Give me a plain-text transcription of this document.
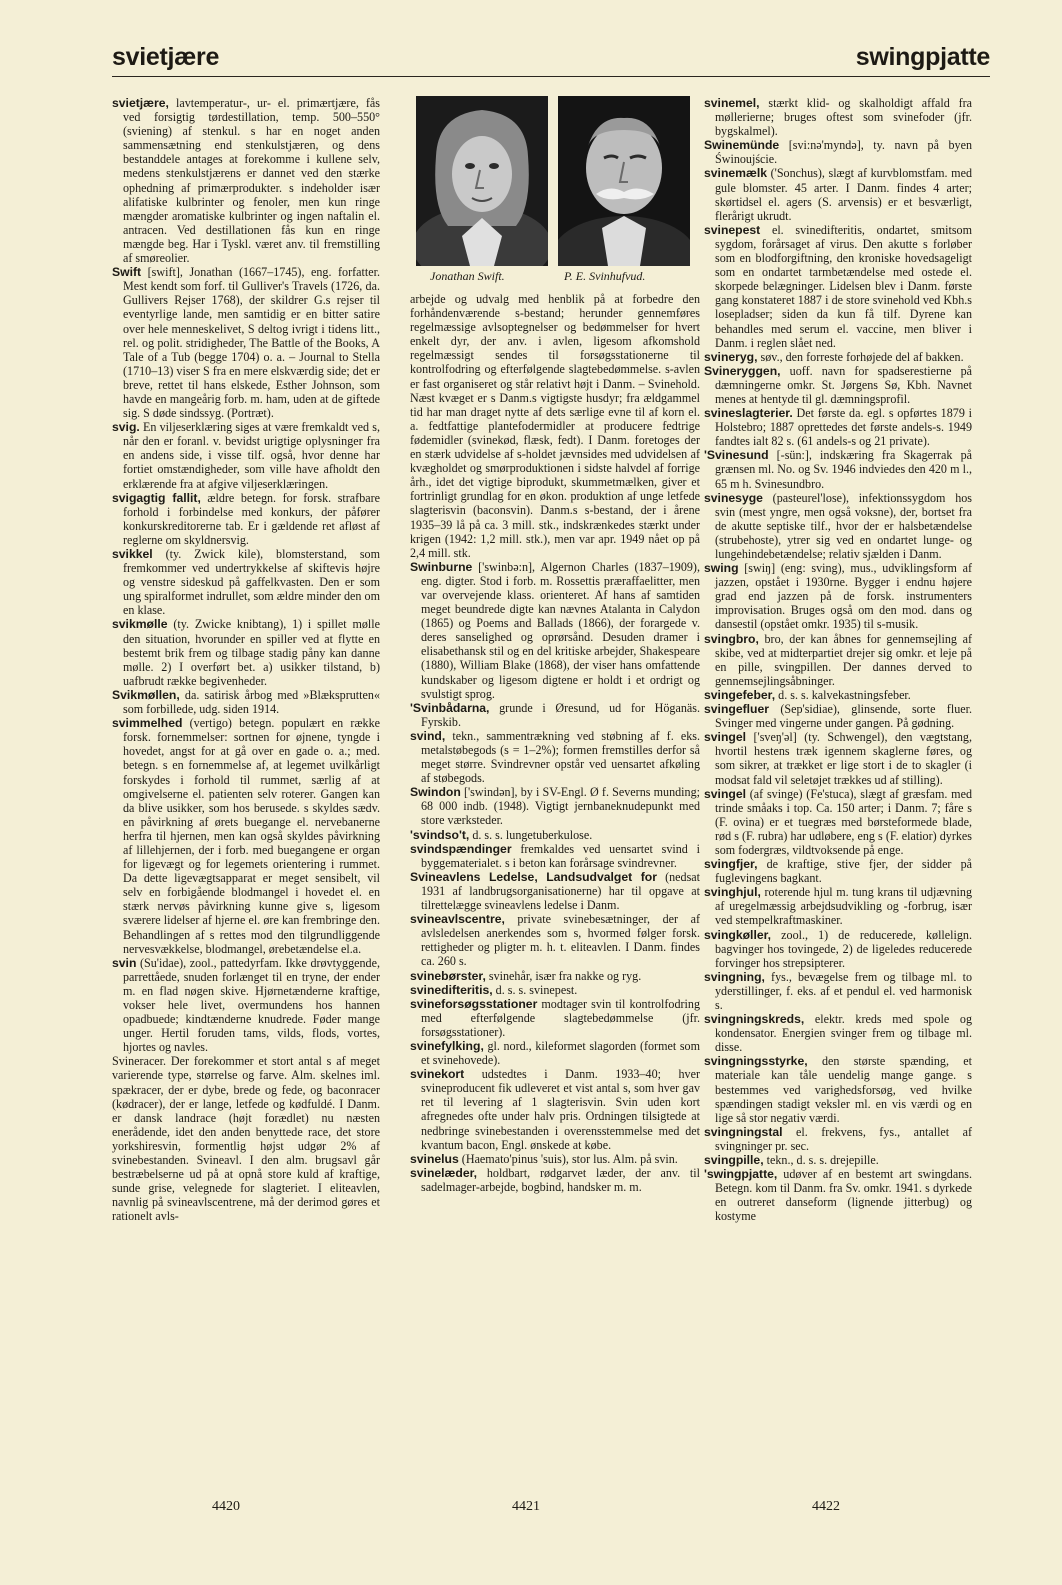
svietjære	swingpjatte

svietjære, lavtemperatur-, ur- el. primærtjære, fås ved forsigtig tørdestillation, temp. 500–550° (sviening) af stenkul. s har en noget anden sammensætning end stenkulstjæren, og dens bestanddele antages at forekomme i kullene selv, medens stenkulstjærens er dannet ved den stærke ophedning af primærprodukter. s indeholder især alifatiske kulbrinter og fenoler, men kun ringe mængder aromatiske kulbrinter og ingen naftalin el. antracen. Ved destillationen fås kun en ringe mængde beg. Har i Tyskl. været anv. til fremstilling af smøreolier.

Swift [swift], Jonathan (1667–1745), eng. forfatter. Mest kendt som forf. til Gulliver's Travels (1726, da. Gullivers Rejser 1768), der skildrer G.s rejser til eventyrlige lande, men samtidig er en bitter satire over hele menneskelivet, S deltog ivrigt i tidens litt., rel. og polit. stridigheder, The Battle of the Books, A Tale of a Tub (begge 1704) o. a. – Journal to Stella (1710–13) viser S fra en mere elskværdig side; det er breve, rettet til hans elskede, Esther Johnson, som havde en mangeårig forb. m. ham, uden at de giftede sig. S døde sindssyg. (Portræt).

svig. En viljeserklæring siges at være fremkaldt ved s, når den er foranl. v. bevidst urigtige oplysninger fra en andens side, i visse tilf. også, hvor denne har fortiet omstændigheder, som ville have afholdt den erklærende fra at afgive viljeserklæringen.

svigagtig fallit, ældre betegn. for forsk. strafbare forhold i forbindelse med konkurs, der påfører konkurskreditorerne tab. Er i gældende ret afløst af reglerne om skyldnersvig.

svikkel (ty. Zwick kile), blomsterstand, som fremkommer ved undertrykkelse af skiftevis højre og venstre sideskud på gaffelkvasten. Den er som ung spiralformet indrullet, som ældre minder den om en klase.

svikmølle (ty. Zwicke knibtang), 1) i spillet mølle den situation, hvorunder en spiller ved at flytte en bestemt brik frem og tilbage stadig påny kan danne mølle. 2) I overført bet. a) usikker tilstand, b) uafbrudt række begivenheder.

Svikmøllen, da. satirisk årbog med »Blæksprutten« som forbillede, udg. siden 1914.

svimmelhed (vertigo) betegn. populært en række forsk. fornemmelser: sortnen for øjnene, tyngde i hovedet, angst for at gå over en gade o. a.; med. betegn. s en fornemmelse af, at legemet uvilkårligt forskydes i forhold til rummet, særlig af at omgivelserne el. patienten selv roterer. Gangen kan da blive usikker, som hos berusede. s skyldes sædv. en påvirkning af ørets buegange el. nervebanerne herfra til hjernen, men kan også skyldes påvirkning af lillehjernen, der i forb. med buegangene er organ for ligevægt og for legemets orientering i rummet. Da dette ligevægtsapparat er meget sensibelt, vil selv en forbigående blodmangel i hovedet el. en stærk nervøs påvirkning kunne give s, ligesom sværere lidelser af hjerne el. øre kan frembringe den. Behandlingen af s rettes mod den tilgrundliggende nervesvækkelse, blodmangel, ørebetændelse el.a.

svin (Su'idae), zool., pattedyrfam. Ikke drøvtyggende, parrettåede, snuden forlænget til en tryne, der ender m. en flad nøgen skive. Hjørnetænderne kraftige, vokser hele livet, overmundens hos hannen opadbuede; kindtænderne knudrede. Føder mange unger. Hertil foruden tams, vilds, flods, vortes, hjortes og navles.

Svineracer. Der forekommer et stort antal s af meget varierende type, størrelse og farve. Alm. skelnes iml. spækracer, der er dybe, brede og fede, og baconracer (kødracer), der er lange, letfede og kødfuldé. I Danm. er dansk landrace (højt forædlet) nu næsten enerådende, idet den anden benyttede race, det store yorkshiresvin, formentlig højst udgør 2% af svinebestanden. Svineavl. I den alm. brugsavl går bestræbelserne ud på at opnå store kuld af kraftige, sunde grise, velegnede for slagteriet. I eliteavlen, navnlig på svineavlscentrene, må der derimod gøres et rationelt avls-

Jonathan Swift.	P. E. Svinhufvud.

arbejde og udvalg med henblik på at forbedre den forhåndenværende s-bestand; herunder gennemføres regelmæssige avlsoptegnelser og bedømmelser for hvert enkelt dyr, der anv. i avlen, ligesom afkomshold regelmæssigt sendes til forsøgsstationerne til kontrolfodring og efterfølgende slagtebedømmelse. s-avlen er fast organiseret og står relativt højt i Danm. – Svinehold. Næst kvæget er s Danm.s vigtigste husdyr; fra ældgammel tid har man draget nytte af dets særlige evne til af korn el. a. fedtfattige plantefodermidler at producere fedtrige fødemidler (svinekød, flæsk, fedt). I Danm. foretoges der en stærk udvidelse af s-holdet jævnsides med udvidelsen af kvægholdet og smørproduktionen i sidste halvdel af forrige årh., idet det vigtige biprodukt, skummetmælken, giver et fortrinligt grundlag for en økon. produktion af unge letfede slagterisvin (baconsvin). Danm.s s-bestand, der i årene 1935–39 lå på ca. 3 mill. stk., indskrænkedes stærkt under krigen (1942: 1,2 mill. stk.), men var apr. 1949 nået op på 2,4 mill. stk.

Swinburne ['swinbə:n], Algernon Charles (1837–1909), eng. digter. Stod i forb. m. Rossettis præraffaelitter, men var overvejende klass. orienteret. Af hans af samtiden meget beundrede digte kan nævnes Atalanta in Calydon (1865) og Poems and Ballads (1866), der forargede v. deres sanselighed og oprørsånd. Desuden dramer i elisabethansk stil og en del kritiske arbejder, Shakespeare (1880), William Blake (1868), der viser hans omfattende kundskaber og ligesom digtene er holdt i et ordrigt og svulstigt sprog.

'Svinbådarna, grunde i Øresund, ud for Höganäs. Fyrskib.

svind, tekn., sammentrækning ved støbning af f. eks. metalstøbegods (s = 1–2%); formen fremstilles derfor så meget større. Svindrevner opstår ved uensartet afkøling af støbegods.

Swindon ['swindən], by i SV-Engl. Ø f. Severns munding; 68 000 indb. (1948). Vigtigt jernbaneknudepunkt med store værksteder.

'svindso't, d. s. s. lungetuberkulose.

svindspændinger fremkaldes ved uensartet svind i byggematerialet. s i beton kan forårsage svindrevner.

Svineavlens Ledelse, Landsudvalget for (nedsat 1931 af landbrugsorganisationerne) har til opgave at tilrettelægge svineavlens ledelse i Danm.

svineavlscentre, private svinebesætninger, der af avlsledelsen anerkendes som s, hvormed følger forsk. rettigheder og pligter m. h. t. eliteavlen. I Danm. findes ca. 260 s.

svinebørster, svinehår, især fra nakke og ryg.

svinedifteritis, d. s. s. svinepest.

svineforsøgsstationer modtager svin til kontrolfodring med efterfølgende slagtebedømmelse (jfr. forsøgsstationer).

svinefylking, gl. nord., kileformet slagorden (formet som et svinehovede).

svinekort udstedtes i Danm. 1933–40; hver svineproducent fik udleveret et vist antal s, som hver gav ret til levering af 1 slagterisvin. Svin uden kort afregnedes ofte under halv pris. Ordningen tilsigtede at nedbringe svinebestanden i overensstemmelse med det kvantum bacon, Engl. ønskede at købe.

svinelus (Haemato'pinus 'suis), stor lus. Alm. på svin.

svinelæder, holdbart, rødgarvet læder, der anv. til sadelmager-arbejde, bogbind, handsker m. m.

svinemel, stærkt klid- og skalholdigt affald fra møllerierne; bruges oftest som svinefoder (jfr. bygskalmel).

Swinemünde [svi:nə'myndə], ty. navn på byen Świnoujście.

svinemælk ('Sonchus), slægt af kurvblomstfam. med gule blomster. 45 arter. I Danm. findes 4 arter; skørtidsel el. agers (S. arvensis) er et besværligt, flerårigt ukrudt.

svinepest el. svinedifteritis, ondartet, smitsom sygdom, forårsaget af virus. Den akutte s forløber som en blodforgiftning, den kroniske hovedsageligt som en ondartet tarmbetændelse med ostede el. skorpede belægninger. Lidelsen blev i Danm. første gang konstateret 1887 i de store svinehold ved Kbh.s losepladser; siden da kun få tilf. Dyrene kan behandles med serum el. vaccine, men bliver i Danm. i reglen slået ned.

svineryg, søv., den forreste forhøjede del af bakken.

Svineryggen, uoff. navn for spadserestierne på dæmningerne omkr. St. Jørgens Sø, Kbh. Navnet menes at hentyde til gl. dæmningsprofil.

svineslagterier. Det første da. egl. s opførtes 1879 i Holstebro; 1887 oprettedes det første andels-s. 1949 fandtes ialt 82 s. (61 andels-s og 21 private).

'Svinesund [-sün:], indskæring fra Skagerrak på grænsen ml. No. og Sv. 1946 indviedes den 420 m l., 65 m h. Svinesundbro.

svinesyge (pasteurel'lose), infektionssygdom hos svin (mest yngre, men også voksne), der, bortset fra de akutte septiske tilf., hvor der er halsbetændelse (strubehoste), ytrer sig ved en ondartet lunge- og lungehindebetændelse; relativ sjælden i Danm.

swing [swiŋ] (eng: sving), mus., udviklingsform af jazzen, opstået i 1930rne. Bygger i endnu højere grad end jazzen på de forsk. instrumenters improvisation. Bruges også om den mod. dans og dansestil (opstået omkr. 1935) til s-musik.

svingbro, bro, der kan åbnes for gennemsejling af skibe, ved at midterpartiet drejer sig omkr. et leje på en pille, svingpillen. Der dannes derved to gennemsejlingsåbninger.

svingefeber, d. s. s. kalvekastningsfeber.

svingefluer (Sep'sidiae), glinsende, sorte fluer. Svinger med vingerne under gangen. På gødning.

svingel ['sveŋ'əl] (ty. Schwengel), den vægtstang, hvortil hestens træk igennem skaglerne føres, og som sikrer, at trækket er lige stort i de to skagler (i modsat fald vil seletøjet trækkes ud af stilling).

svingel (af svinge) (Fe'stuca), slægt af græsfam. med trinde småaks i top. Ca. 150 arter; i Danm. 7; fåre s (F. ovina) er et tuegræs med børsteformede blade, rød s (F. rubra) har udløbere, eng s (F. elatior) dyrkes som fodergræs, vildtvoksende på enge.

svingfjer, de kraftige, stive fjer, der sidder på fuglevingens bagkant.

svinghjul, roterende hjul m. tung krans til udjævning af uregelmæssig arbejdsudvikling og -forbrug, især ved stempelkraftmaskiner.

svingkøller, zool., 1) de reducerede, køllelign. bagvinger hos tovingede, 2) de ligeledes reducerede forvinger hos strepsipterer.

svingning, fys., bevægelse frem og tilbage ml. to yderstillinger, f. eks. af et pendul el. ved harmonisk s.

svingningskreds, elektr. kreds med spole og kondensator. Energien svinger frem og tilbage ml. disse.

svingningsstyrke, den største spænding, et materiale kan tåle uendelig mange gange. s bestemmes ved varighedsforsøg, ved hvilke spændingen stadigt veksler ml. en vis værdi og en lige så stor negativ værdi.

svingningstal el. frekvens, fys., antallet af svingninger pr. sec.

svingpille, tekn., d. s. s. drejepille.

'swingpjatte, udøver af en bestemt art swingdans. Betegn. kom til Danm. fra Sv. omkr. 1941. s dyrkede en outreret danseform (lignende jitterbug) og kostyme

4420	4421	4422
